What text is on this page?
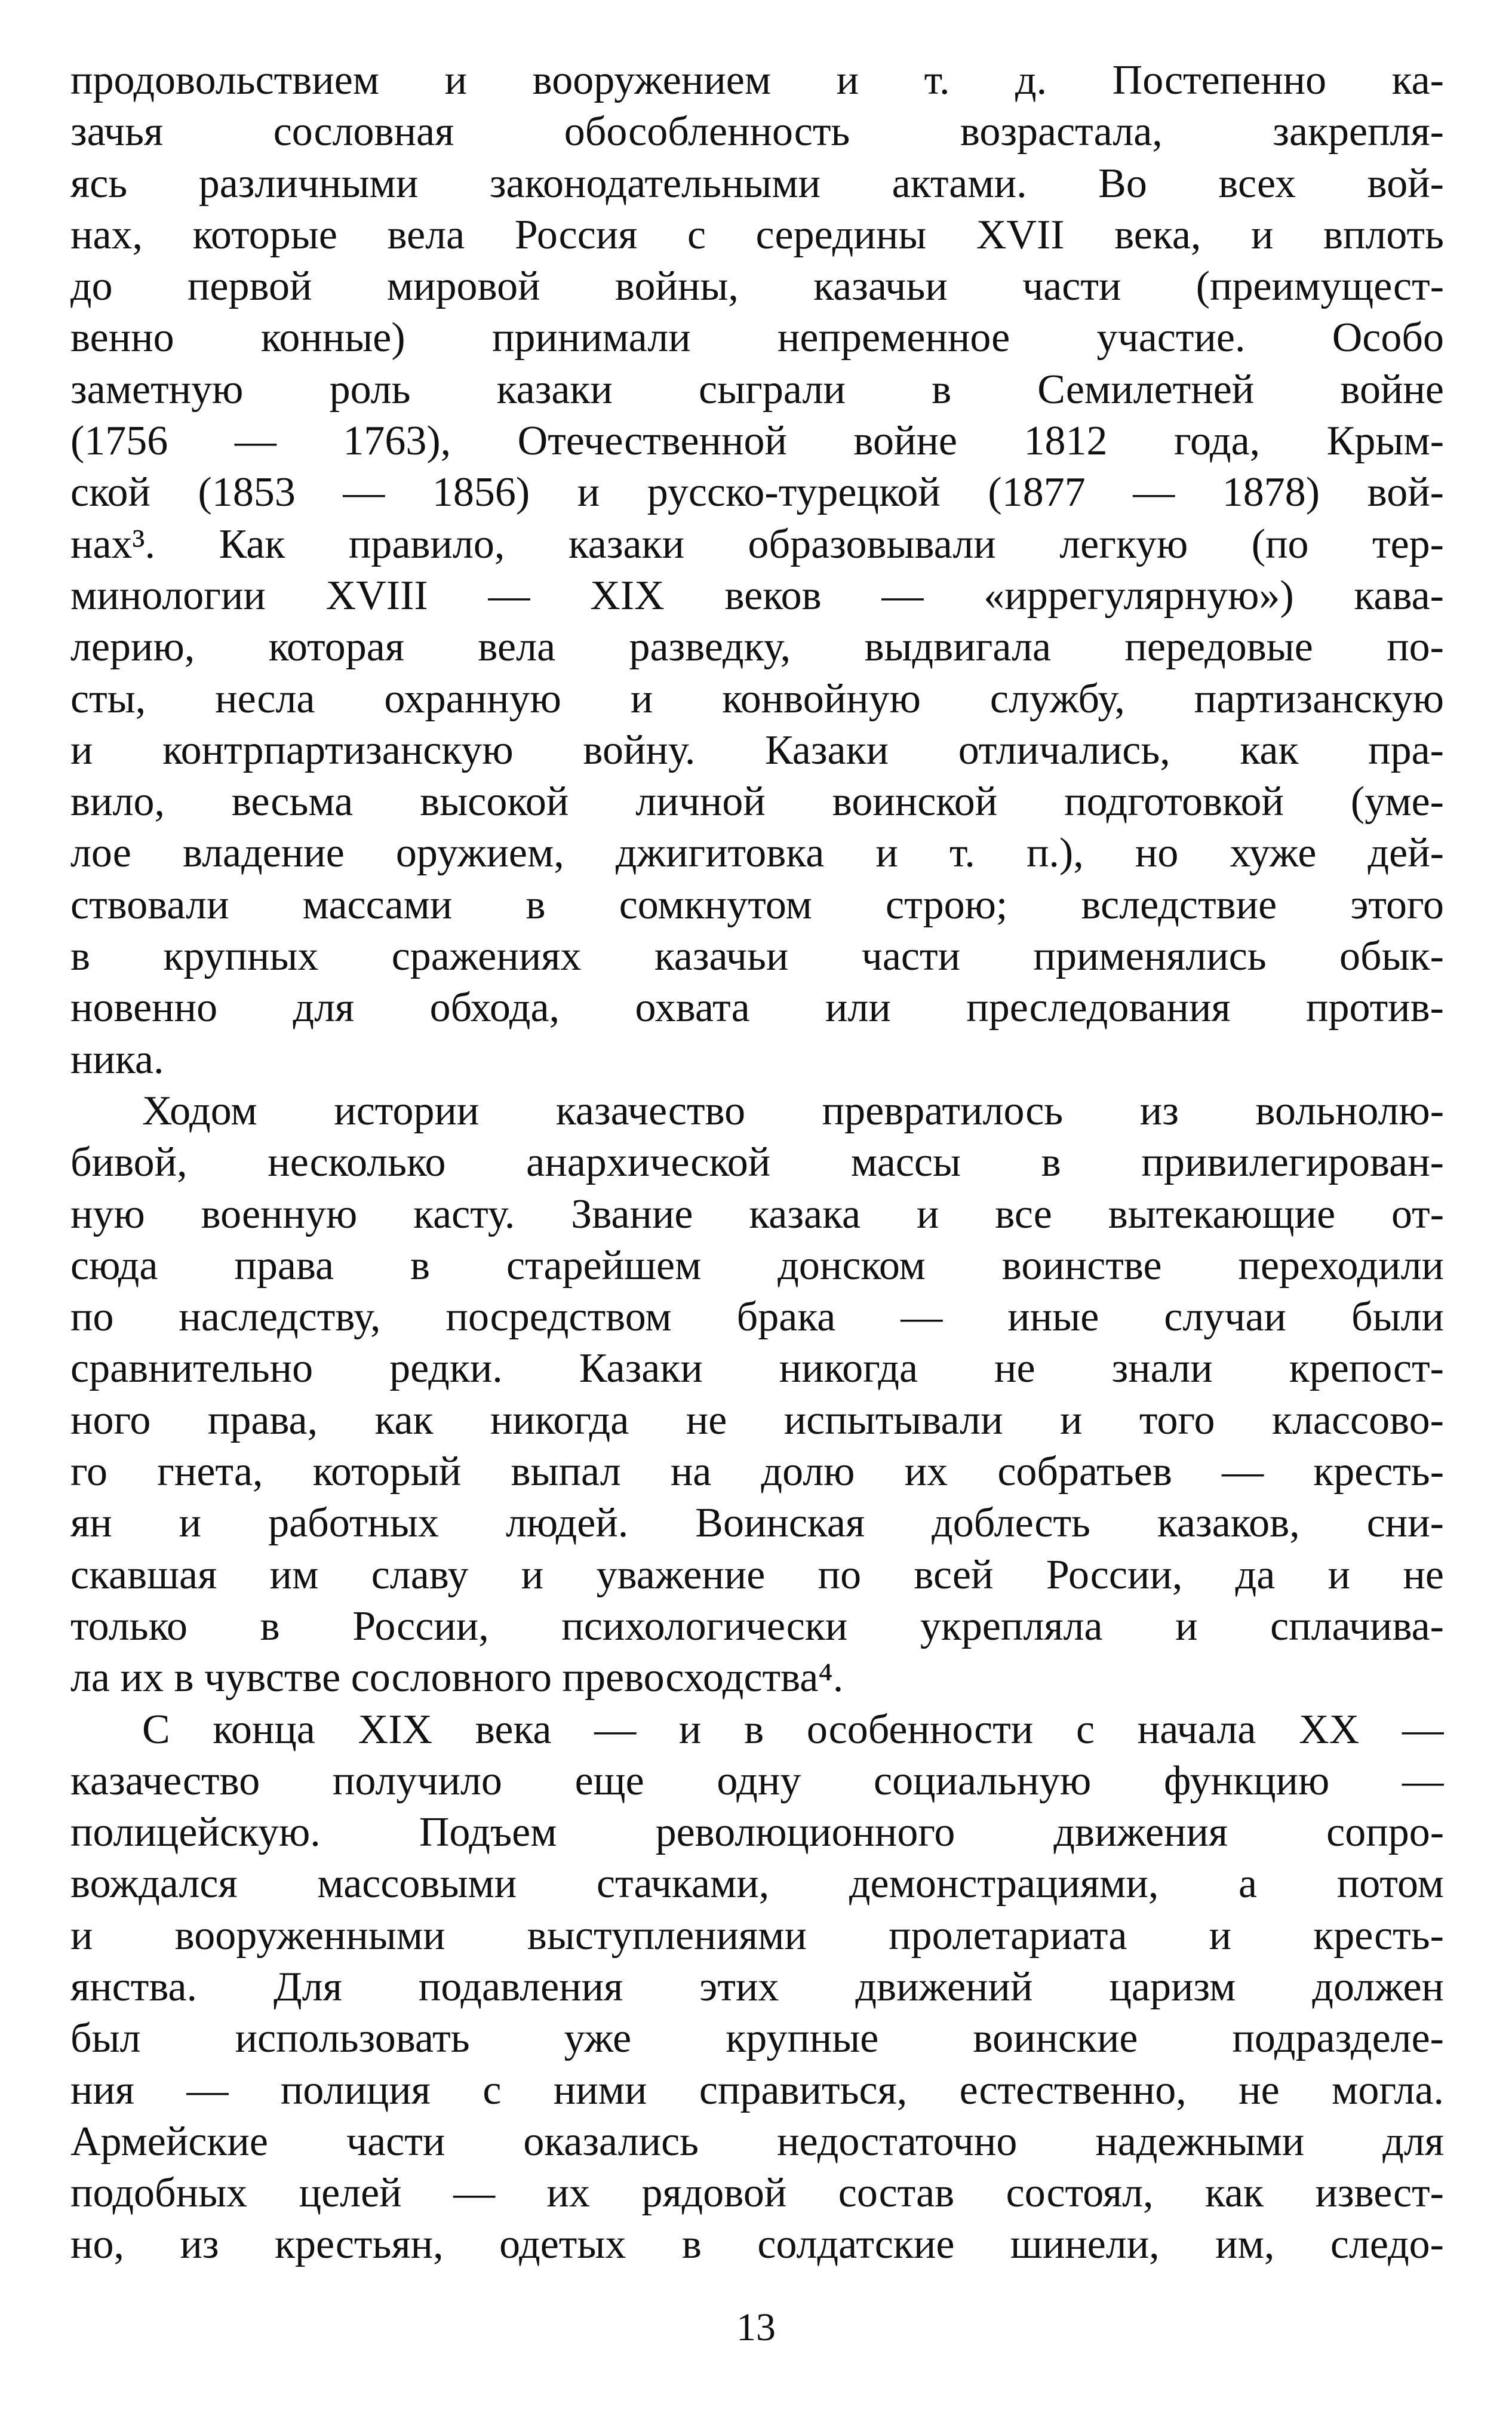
продовольствием и вооружением и т. д. Постепенно ка-
зачья сословная обособленность возрастала, закрепля-
ясь различными законодательными актами. Во всех вой-
нах, которые вела Россия с середины XVII века, и вплоть
до первой мировой войны, казачьи части (преимущест-
венно конные) принимали непременное участие. Особо
заметную роль казаки сыграли в Семилетней войне
(1756 — 1763), Отечественной войне 1812 года, Крым-
ской (1853 — 1856) и русско-турецкой (1877 — 1878) вой-
нах³. Как правило, казаки образовывали легкую (по тер-
минологии XVIII — XIX веков — «иррегулярную») кава-
лерию, которая вела разведку, выдвигала передовые по-
сты, несла охранную и конвойную службу, партизанскую
и контрпартизанскую войну. Казаки отличались, как пра-
вило, весьма высокой личной воинской подготовкой (уме-
лое владение оружием, джигитовка и т. п.), но хуже дей-
ствовали массами в сомкнутом строю; вследствие этого
в крупных сражениях казачьи части применялись обык-
новенно для обхода, охвата или преследования против-
ника.
Ходом истории казачество превратилось из вольнолю-
бивой, несколько анархической массы в привилегирован-
ную военную касту. Звание казака и все вытекающие от-
сюда права в старейшем донском воинстве переходили
по наследству, посредством брака — иные случаи были
сравнительно редки. Казаки никогда не знали крепост-
ного права, как никогда не испытывали и того классово-
го гнета, который выпал на долю их собратьев — кресть-
ян и работных людей. Воинская доблесть казаков, сни-
скавшая им славу и уважение по всей России, да и не
только в России, психологически укрепляла и сплачива-
ла их в чувстве сословного превосходства⁴.
С конца XIX века — и в особенности с начала XX —
казачество получило еще одну социальную функцию —
полицейскую. Подъем революционного движения сопро-
вождался массовыми стачками, демонстрациями, а потом
и вооруженными выступлениями пролетариата и кресть-
янства. Для подавления этих движений царизм должен
был использовать уже крупные воинские подразделе-
ния — полиция с ними справиться, естественно, не могла.
Армейские части оказались недостаточно надежными для
подобных целей — их рядовой состав состоял, как извест-
но, из крестьян, одетых в солдатские шинели, им, следо-
13
